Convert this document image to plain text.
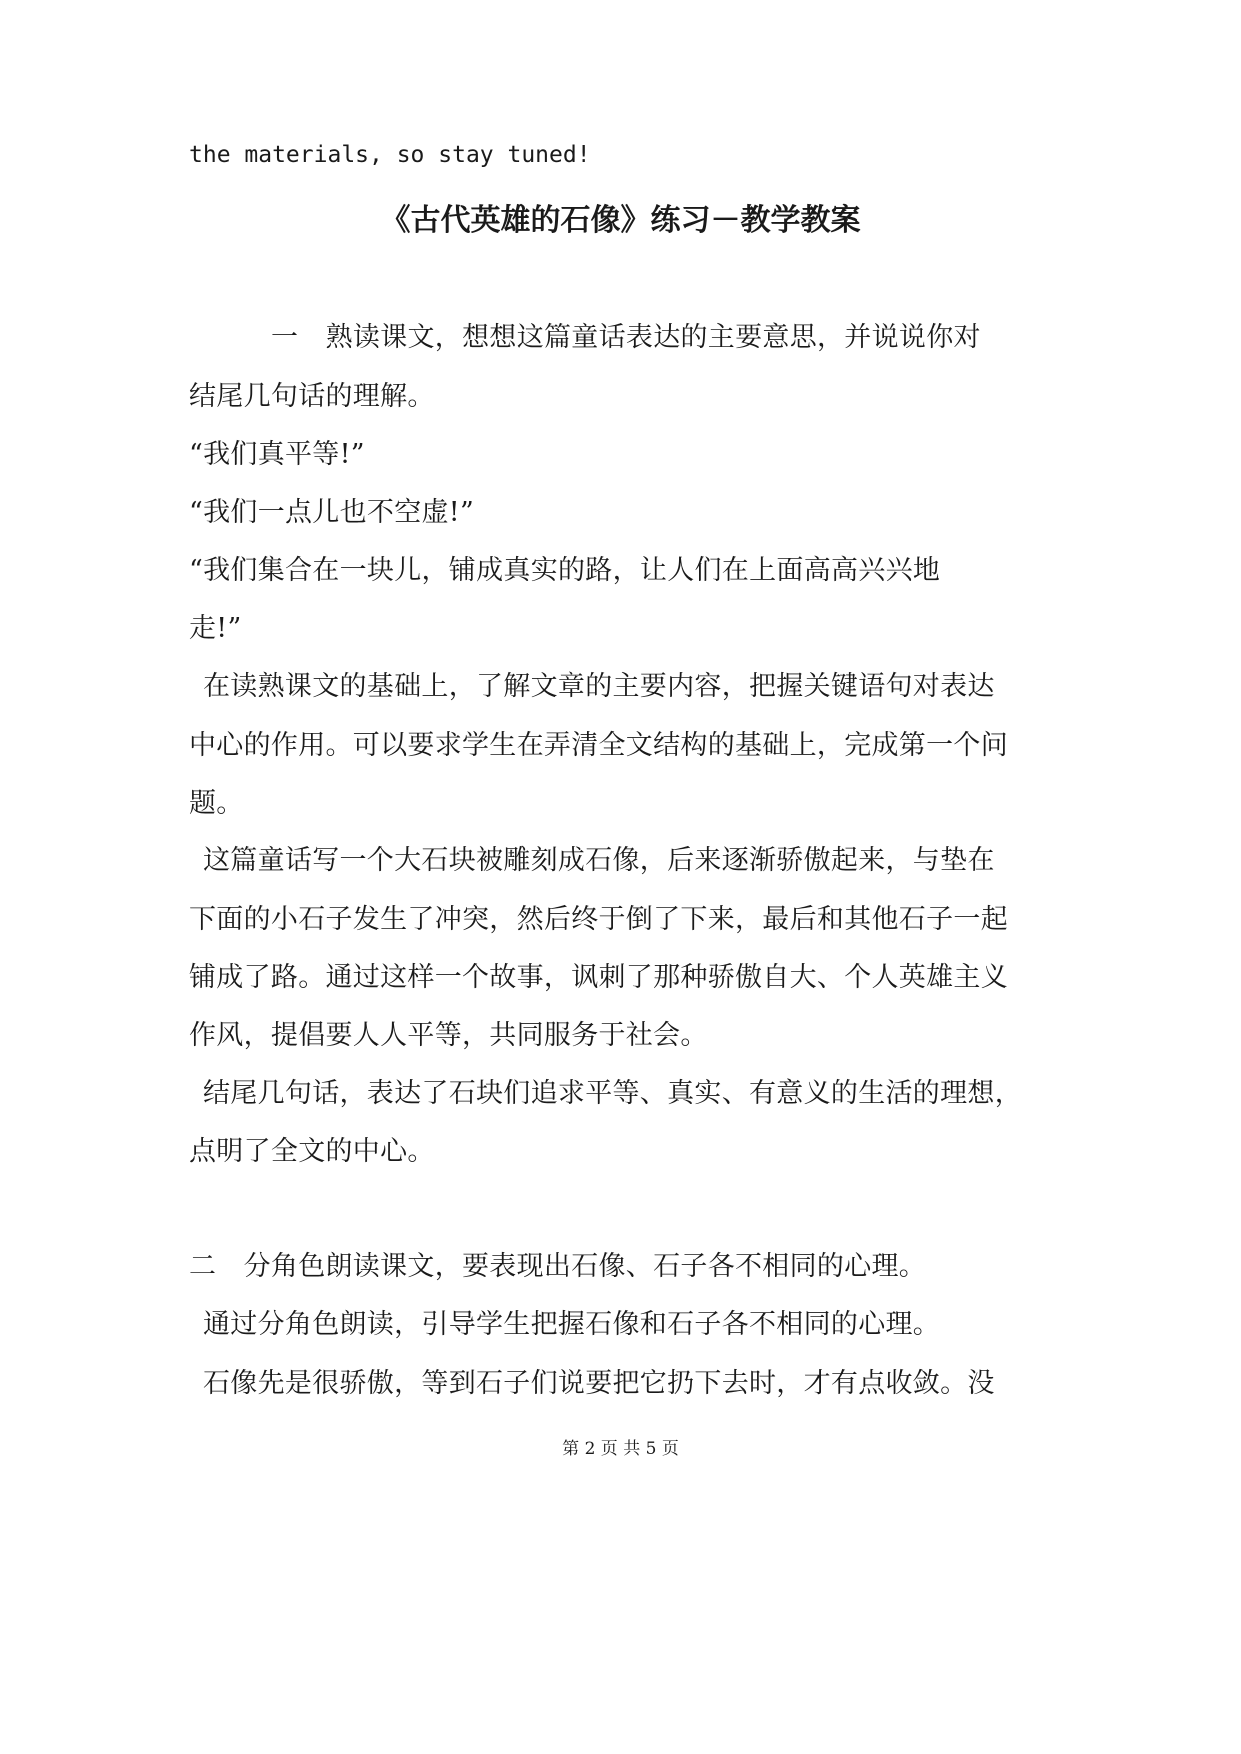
the materials, so stay tuned!
《古代英雄的石像》练习－教学教案
一　熟读课文，想想这篇童话表达的主要意思，并说说你对
结尾几句话的理解。
“我们真平等!”
“我们一点儿也不空虚!”
“我们集合在一块儿，铺成真实的路，让人们在上面高高兴兴地
走!”
在读熟课文的基础上，了解文章的主要内容，把握关键语句对表达
中心的作用。可以要求学生在弄清全文结构的基础上，完成第一个问
题。
这篇童话写一个大石块被雕刻成石像，后来逐渐骄傲起来，与垫在
下面的小石子发生了冲突，然后终于倒了下来，最后和其他石子一起
铺成了路。通过这样一个故事，讽刺了那种骄傲自大、个人英雄主义
作风，提倡要人人平等，共同服务于社会。
结尾几句话，表达了石块们追求平等、真实、有意义的生活的理想，
点明了全文的中心。
二　分角色朗读课文，要表现出石像、石子各不相同的心理。
通过分角色朗读，引导学生把握石像和石子各不相同的心理。
石像先是很骄傲，等到石子们说要把它扔下去时，才有点收敛。没
第 2 页 共 5 页
